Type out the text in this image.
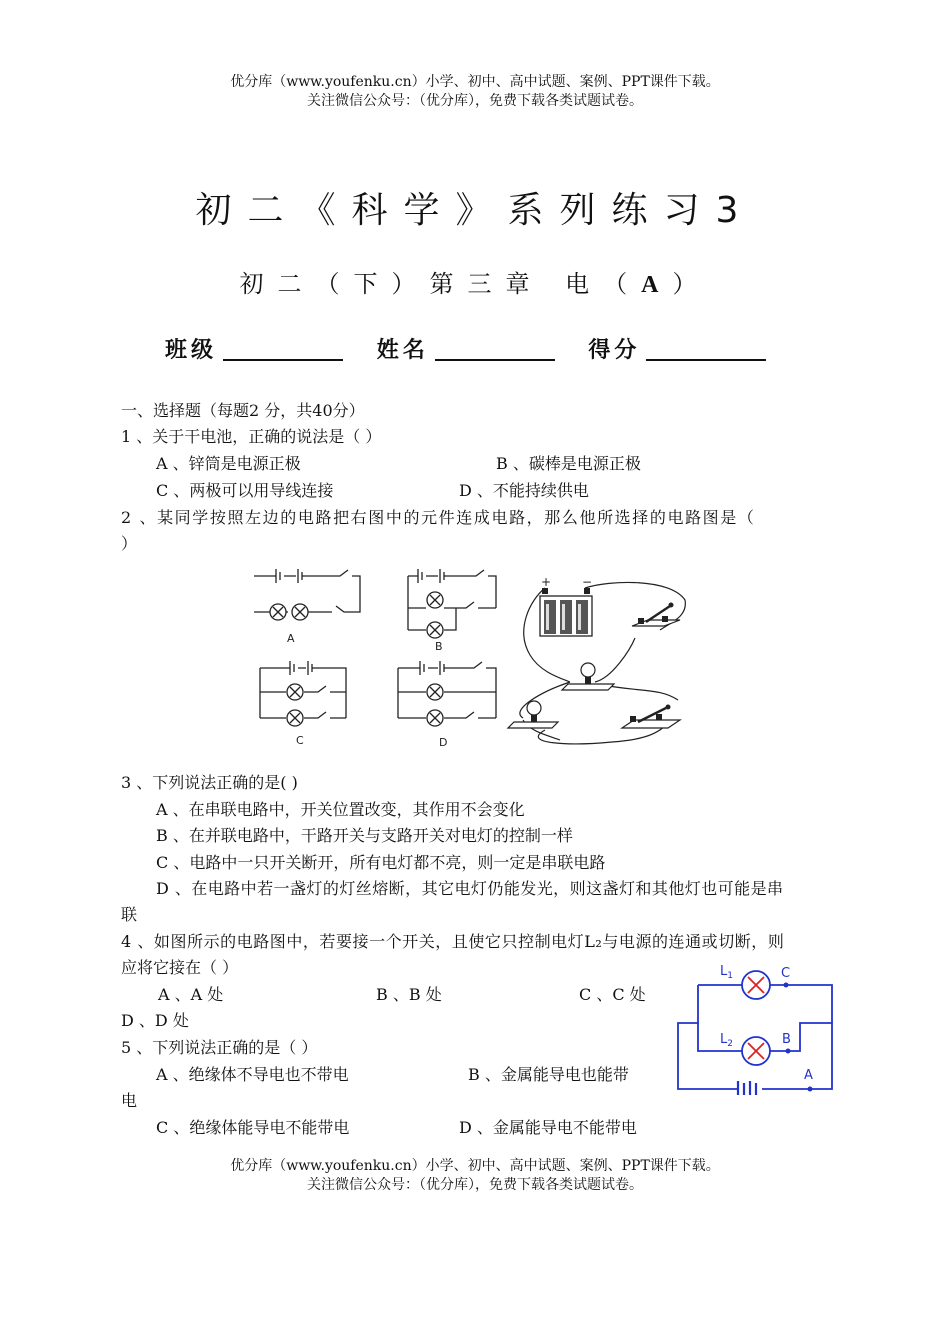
优分库（www.youfenku.cn）小学、初中、高中试题、案例、PPT课件下载。
关注微信公众号：（优分库），免费下载各类试题试卷。
初二《科学》系列练习3
初二（下）第三章 电（A）
班级	姓名	得分
一、选择题（每题2 分，共40分）
1 、关于干电池，正确的说法是（ ）
A 、锌筒是电源正极	B 、碳棒是电源正极
C 、两极可以用导线连接	D 、不能持续供电
2 、某同学按照左边的电路把右图中的元件连成电路，那么他所选择的电路图是（
）
A
B
C	D
+	−
3 、下列说法正确的是( )
A 、在串联电路中，开关位置改变，其作用不会变化
B 、在并联电路中，干路开关与支路开关对电灯的控制一样
C 、电路中一只开关断开，所有电灯都不亮，则一定是串联电路
D 、在电路中若一盏灯的灯丝熔断，其它电灯仍能发光，则这盏灯和其他灯也可能是串
联
4 、如图所示的电路图中，若要接一个开关，且使它只控制电灯L₂与电源的连通或切断，则
应将它接在（ ）
A 、A 处	B 、B 处	C 、C 处
D 、D 处
$L_1$
$L_2$
C
B
A
5 、下列说法正确的是（ ）
A 、绝缘体不导电也不带电	B 、金属能导电也能带
电
C 、绝缘体能导电不能带电	D 、金属能导电不能带电
优分库（www.youfenku.cn）小学、初中、高中试题、案例、PPT课件下载。
关注微信公众号：（优分库），免费下载各类试题试卷。
